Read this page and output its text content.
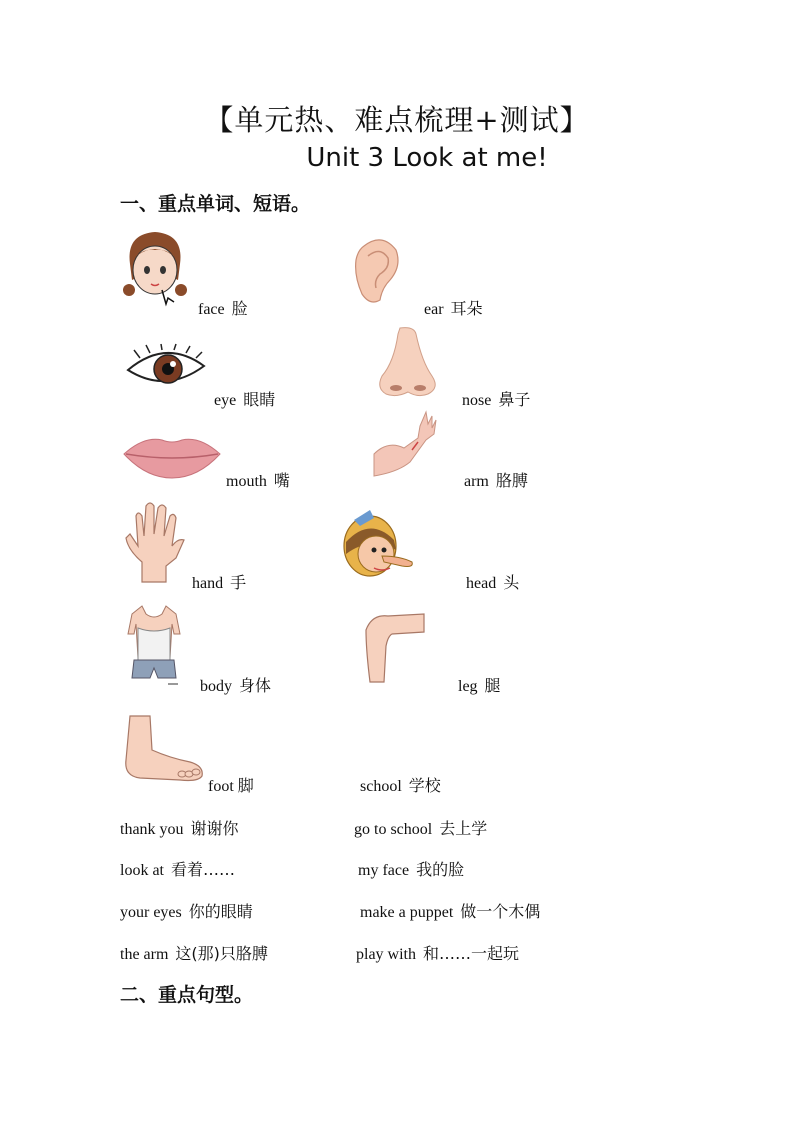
【单元热、难点梳理+测试】
Unit 3 Look at me!
一、重点单词、短语。
face 脸	ear 耳朵
eye 眼睛	nose 鼻子
mouth 嘴	arm 胳膊
hand 手	head 头
body 身体	leg 腿
foot 脚	school 学校
thank you 谢谢你	go to school 去上学
look at 看着……	my face 我的脸
your eyes 你的眼睛	make a puppet 做一个木偶
the arm 这(那)只胳膊	play with 和……一起玩
二、重点句型。
